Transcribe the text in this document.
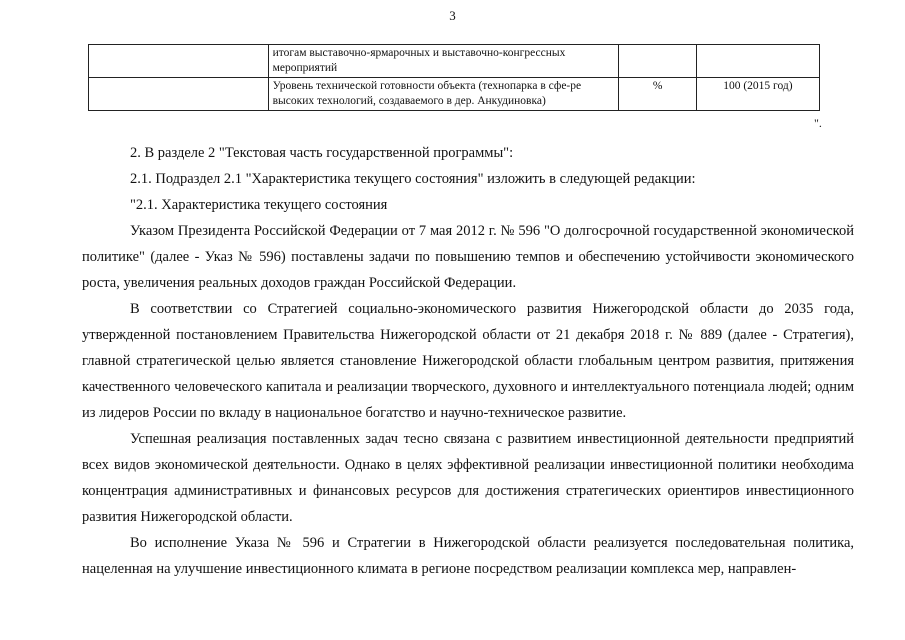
3
	итогам выставочно-ярмарочных и выставочно-конгрессных мероприятий		
	Уровень технической готовности объекта (технопарка в сфе-ре высоких технологий, создаваемого в дер. Анкудиновка)	%	100 (2015 год)
".

2. В разделе 2 "Текстовая часть государственной программы":

2.1. Подраздел 2.1 "Характеристика текущего состояния" изложить в следующей редакции:

"2.1. Характеристика текущего состояния

Указом Президента Российской Федерации от 7 мая 2012 г. № 596 "О долгосрочной государственной экономической политике" (далее - Указ № 596) поставлены задачи по повышению темпов и обеспечению устойчивости экономического роста, увеличения реальных доходов граждан Российской Федерации.

В соответствии со Стратегией социально-экономического развития Нижегородской области до 2035 года, утвержденной постановлением Правительства Нижегородской области от 21 декабря 2018 г. № 889 (далее - Стратегия), главной стратегической целью является становление Нижегородской области глобальным центром развития, притяжения качественного человеческого капитала и реализации творческого, духовного и интеллектуального потенциала людей; одним из лидеров России по вкладу в национальное богатство и научно-техническое развитие.

Успешная реализация поставленных задач тесно связана с развитием инвестиционной деятельности предприятий всех видов экономической деятельности. Однако в целях эффективной реализации инвестиционной политики необходима концентрация административных и финансовых ресурсов для достижения стратегических ориентиров инвестиционного развития Нижегородской области.

Во исполнение Указа № 596 и Стратегии в Нижегородской области реализуется последовательная политика, нацеленная на улучшение инвестиционного климата в регионе посредством реализации комплекса мер, направлен-
